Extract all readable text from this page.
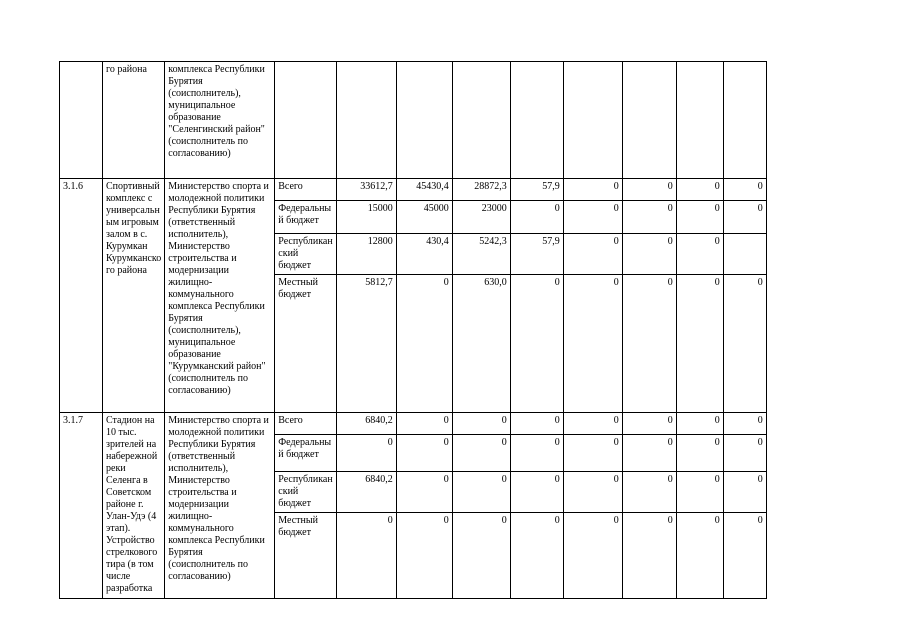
	го района	комплекса Республики Бурятия (соисполнитель), муниципальное образование "Селенгинский район" (соисполнитель по согласованию)									
3.1.6	Спортивный комплекс с универсальн ым игровым залом в с. Курумкан Курумканско го района	Министерство спорта и молодежной политики Республики Бурятия (ответственный исполнитель), Министерство строительства и модернизации жилищно-коммунального комплекса Республики Бурятия (соисполнитель), муниципальное образование "Курумканский район" (соисполнитель по согласованию)	Всего	33612,7	45430,4	28872,3	57,9	0	0	0	0
			Федеральны й бюджет	15000	45000	23000	0	0	0	0	0
			Республикан ский бюджет	12800	430,4	5242,3	57,9	0	0	0	
			Местный бюджет	5812,7	0	630,0	0	0	0	0	0
3.1.7	Стадион на 10 тыс. зрителей на набережной реки Селенга в Советском районе г. Улан-Удэ (4 этап). Устройство стрелкового тира (в том числе разработка	Министерство спорта и молодежной политики Республики Бурятия (ответственный исполнитель), Министерство строительства и модернизации жилищно-коммунального комплекса Республики Бурятия (соисполнитель по согласованию)	Всего	6840,2	0	0	0	0	0	0	0
			Федеральны й бюджет	0	0	0	0	0	0	0	0
			Республикан ский бюджет	6840,2	0	0	0	0	0	0	0
			Местный бюджет	0	0	0	0	0	0	0	0
